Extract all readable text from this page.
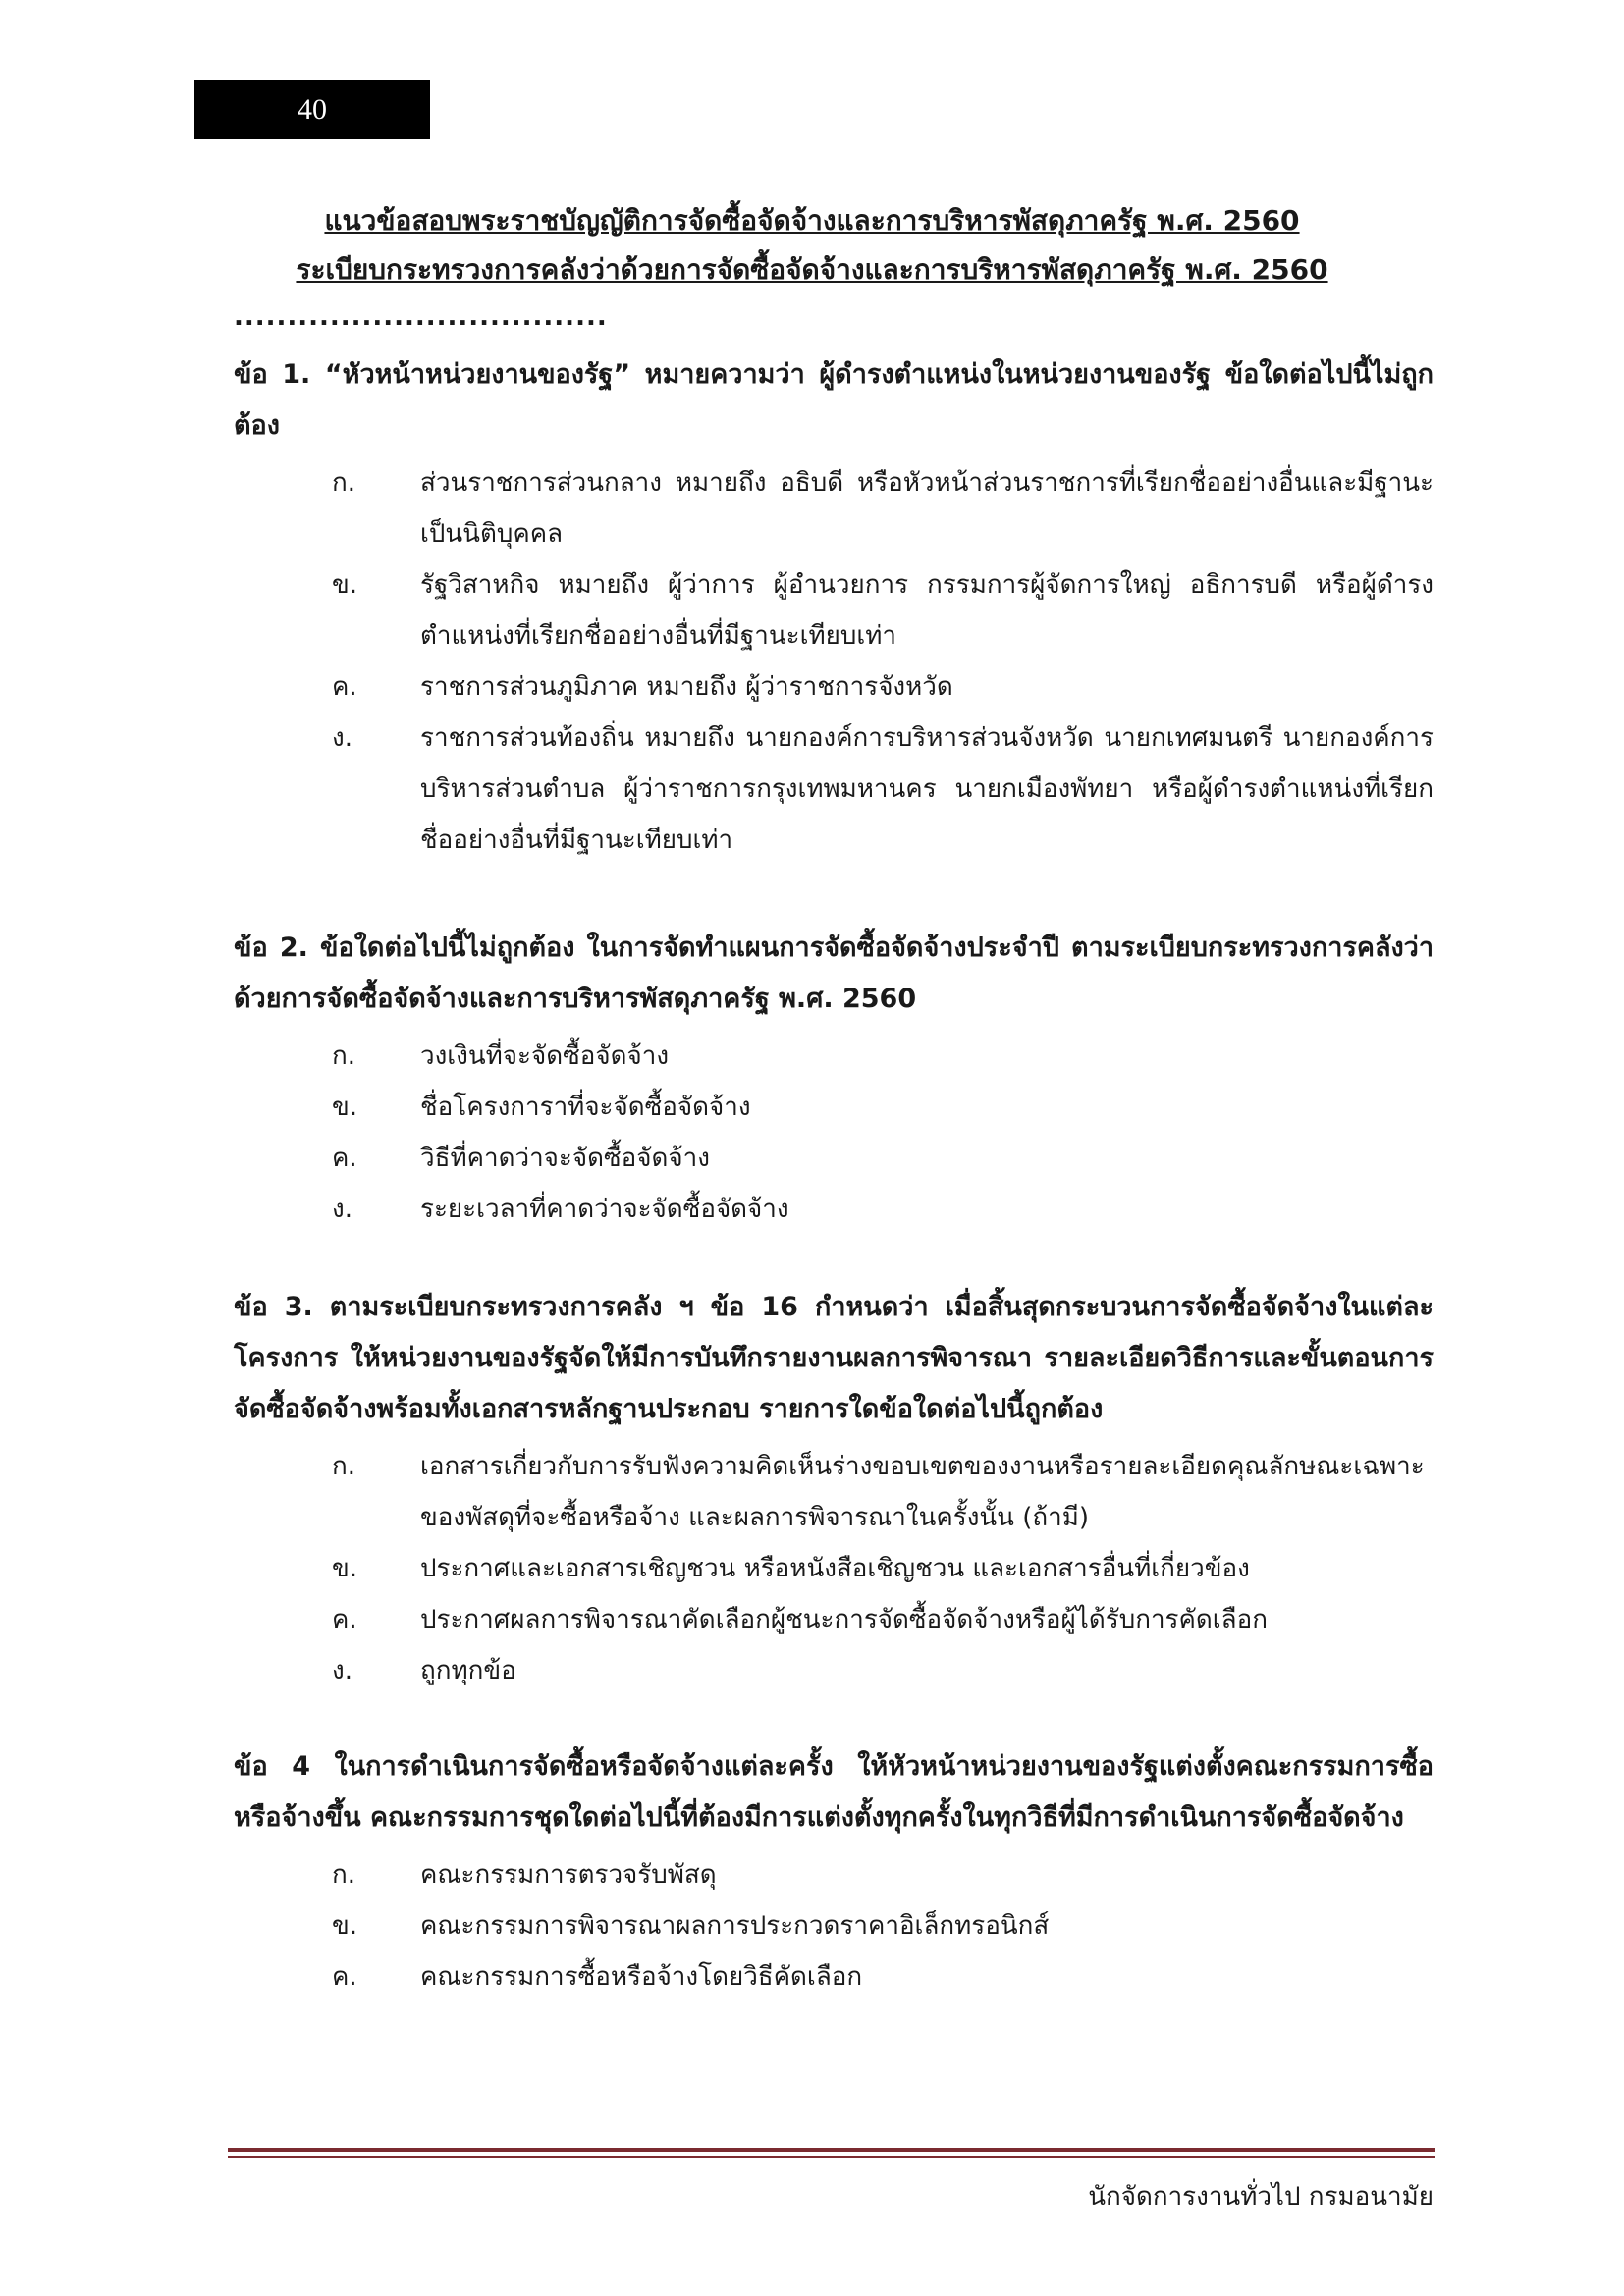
40

แนวข้อสอบพระราชบัญญัติการจัดซื้อจัดจ้างและการบริหารพัสดุภาครัฐ พ.ศ. 2560

ระเบียบกระทรวงการคลังว่าด้วยการจัดซื้อจัดจ้างและการบริหารพัสดุภาครัฐ พ.ศ. 2560

...................................

ข้อ 1. “หัวหน้าหน่วยงานของรัฐ” หมายความว่า ผู้ดำรงตำแหน่งในหน่วยงานของรัฐ ข้อใดต่อไปนี้ไม่ถูกต้อง

ก.	ส่วนราชการส่วนกลาง หมายถึง อธิบดี หรือหัวหน้าส่วนราชการที่เรียกชื่ออย่างอื่นและมีฐานะเป็นนิติบุคคล
ข.	รัฐวิสาหกิจ หมายถึง ผู้ว่าการ ผู้อำนวยการ กรรมการผู้จัดการใหญ่ อธิการบดี หรือผู้ดำรงตำแหน่งที่เรียกชื่ออย่างอื่นที่มีฐานะเทียบเท่า
ค.	ราชการส่วนภูมิภาค หมายถึง ผู้ว่าราชการจังหวัด
ง.	ราชการส่วนท้องถิ่น หมายถึง นายกองค์การบริหารส่วนจังหวัด นายกเทศมนตรี นายกองค์การบริหารส่วนตำบล ผู้ว่าราชการกรุงเทพมหานคร นายกเมืองพัทยา หรือผู้ดำรงตำแหน่งที่เรียกชื่ออย่างอื่นที่มีฐานะเทียบเท่า

ข้อ 2. ข้อใดต่อไปนี้ไม่ถูกต้อง ในการจัดทำแผนการจัดซื้อจัดจ้างประจำปี ตามระเบียบกระทรวงการคลังว่าด้วยการจัดซื้อจัดจ้างและการบริหารพัสดุภาครัฐ พ.ศ. 2560

ก.	วงเงินที่จะจัดซื้อจัดจ้าง
ข.	ชื่อโครงการาที่จะจัดซื้อจัดจ้าง
ค.	วิธีที่คาดว่าจะจัดซื้อจัดจ้าง
ง.	ระยะเวลาที่คาดว่าจะจัดซื้อจัดจ้าง

ข้อ 3. ตามระเบียบกระทรวงการคลัง ฯ ข้อ 16 กำหนดว่า เมื่อสิ้นสุดกระบวนการจัดซื้อจัดจ้างในแต่ละโครงการ ให้หน่วยงานของรัฐจัดให้มีการบันทึกรายงานผลการพิจารณา รายละเอียดวิธีการและขั้นตอนการจัดซื้อจัดจ้างพร้อมทั้งเอกสารหลักฐานประกอบ รายการใดข้อใดต่อไปนี้ถูกต้อง

ก.	เอกสารเกี่ยวกับการรับฟังความคิดเห็นร่างขอบเขตของงานหรือรายละเอียดคุณลักษณะเฉพาะของพัสดุที่จะซื้อหรือจ้าง และผลการพิจารณาในครั้งนั้น (ถ้ามี)
ข.	ประกาศและเอกสารเชิญชวน หรือหนังสือเชิญชวน และเอกสารอื่นที่เกี่ยวข้อง
ค.	ประกาศผลการพิจารณาคัดเลือกผู้ชนะการจัดซื้อจัดจ้างหรือผู้ได้รับการคัดเลือก
ง.	ถูกทุกข้อ

ข้อ 4 ในการดำเนินการจัดซื้อหรือจัดจ้างแต่ละครั้ง ให้หัวหน้าหน่วยงานของรัฐแต่งตั้งคณะกรรมการซื้อหรือจ้างขึ้น คณะกรรมการชุดใดต่อไปนี้ที่ต้องมีการแต่งตั้งทุกครั้งในทุกวิธีที่มีการดำเนินการจัดซื้อจัดจ้าง

ก.	คณะกรรมการตรวจรับพัสดุ
ข.	คณะกรรมการพิจารณาผลการประกวดราคาอิเล็กทรอนิกส์
ค.	คณะกรรมการซื้อหรือจ้างโดยวิธีคัดเลือก
นักจัดการงานทั่วไป กรมอนามัย
